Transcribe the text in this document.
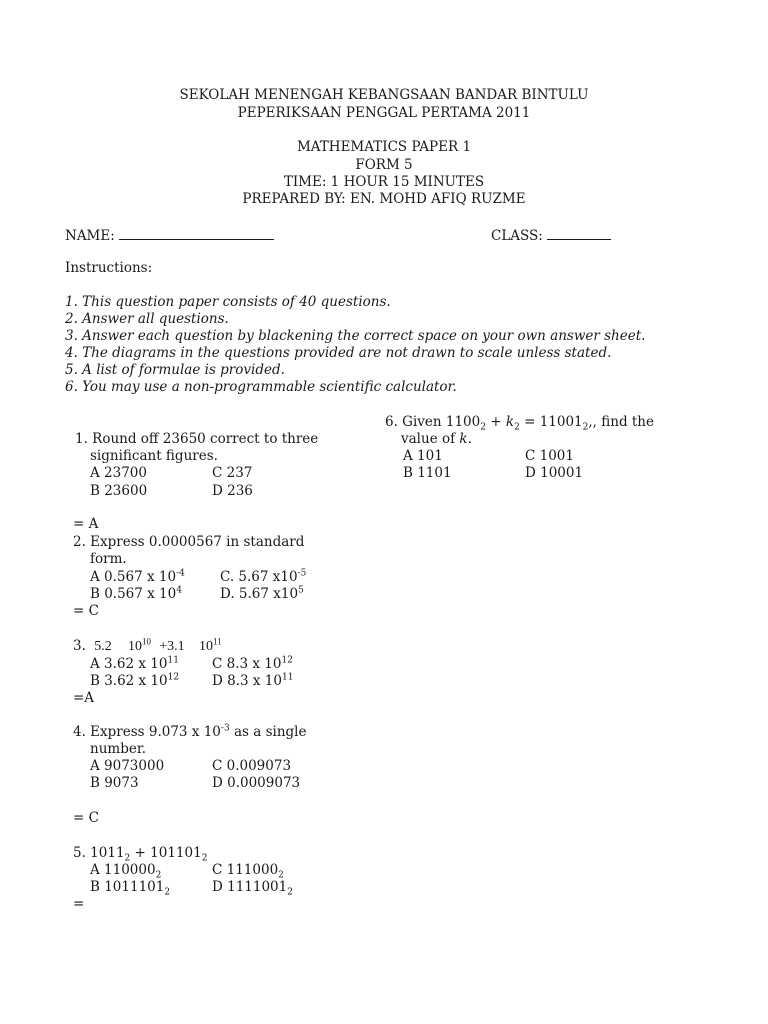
SEKOLAH MENENGAH KEBANGSAAN BANDAR BINTULU
PEPERIKSAAN PENGGAL PERTAMA 2011
MATHEMATICS PAPER 1
FORM 5
TIME: 1 HOUR 15 MINUTES
PREPARED BY: EN. MOHD AFIQ RUZME
NAME:	CLASS:
Instructions:
1. This question paper consists of 40 questions.
2. Answer all questions.
3. Answer each question by blackening the correct space on your own answer sheet.
4. The diagrams in the questions provided are not drawn to scale unless stated.
5. A list of formulae is provided.
6. You may use a non-programmable scientific calculator.
1. Round off 23650 correct to three
significant figures.
A 23700	C 237
B 23600	D 236
= A
2. Express 0.0000567 in standard
form.
A 0.567 x $10^{-4}$	C. 5.67 $x10^{-5}$
B 0.567 x $10^4$	D. 5.67 $x10^5$
= C
3. 5.2 $10^{10} +3.1$ $10^{11}$
A 3.62 x $10^{11}$ C 8.3 x $10^{12}$
B 3.62 x $10^{12}$ D 8.3 x $10^{11}$
=A
4. Express 9.073 x $10^{-3}$ as a single
number.
A 9073000	C 0.009073
B 9073	D 0.0009073
= C
5. $1011_2 + 101101_2$
A $110000_2$	C $111000_2$
B $1011101_2$	D $1111001_2$
=
6. Given $1100_2 + k_2 = 11001_2$,, find the
value of k.
A 101	C 1001
B 1101	D 10001
